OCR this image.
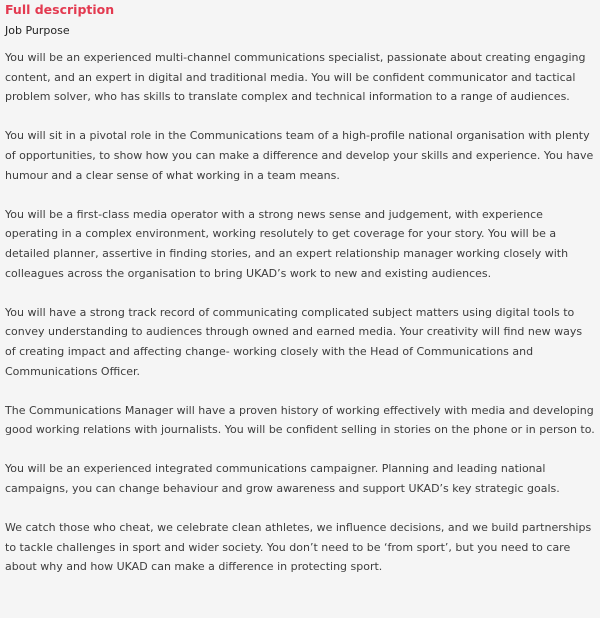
Full description
Job Purpose

You will be an experienced multi-channel communications specialist, passionate about creating engaging content, and an expert in digital and traditional media. You will be confident communicator and tactical problem solver, who has skills to translate complex and technical information to a range of audiences.

You will sit in a pivotal role in the Communications team of a high-profile national organisation with plenty of opportunities, to show how you can make a difference and develop your skills and experience. You have humour and a clear sense of what working in a team means.

You will be a first-class media operator with a strong news sense and judgement, with experience operating in a complex environment, working resolutely to get coverage for your story. You will be a detailed planner, assertive in finding stories, and an expert relationship manager working closely with colleagues across the organisation to bring UKAD’s work to new and existing audiences.

You will have a strong track record of communicating complicated subject matters using digital tools to convey understanding to audiences through owned and earned media. Your creativity will find new ways of creating impact and affecting change- working closely with the Head of Communications and Communications Officer.

The Communications Manager will have a proven history of working effectively with media and developing good working relations with journalists. You will be confident selling in stories on the phone or in person to.

You will be an experienced integrated communications campaigner. Planning and leading national campaigns, you can change behaviour and grow awareness and support UKAD’s key strategic goals.

We catch those who cheat, we celebrate clean athletes, we influence decisions, and we build partnerships to tackle challenges in sport and wider society. You don’t need to be ‘from sport’, but you need to care about why and how UKAD can make a difference in protecting sport.
